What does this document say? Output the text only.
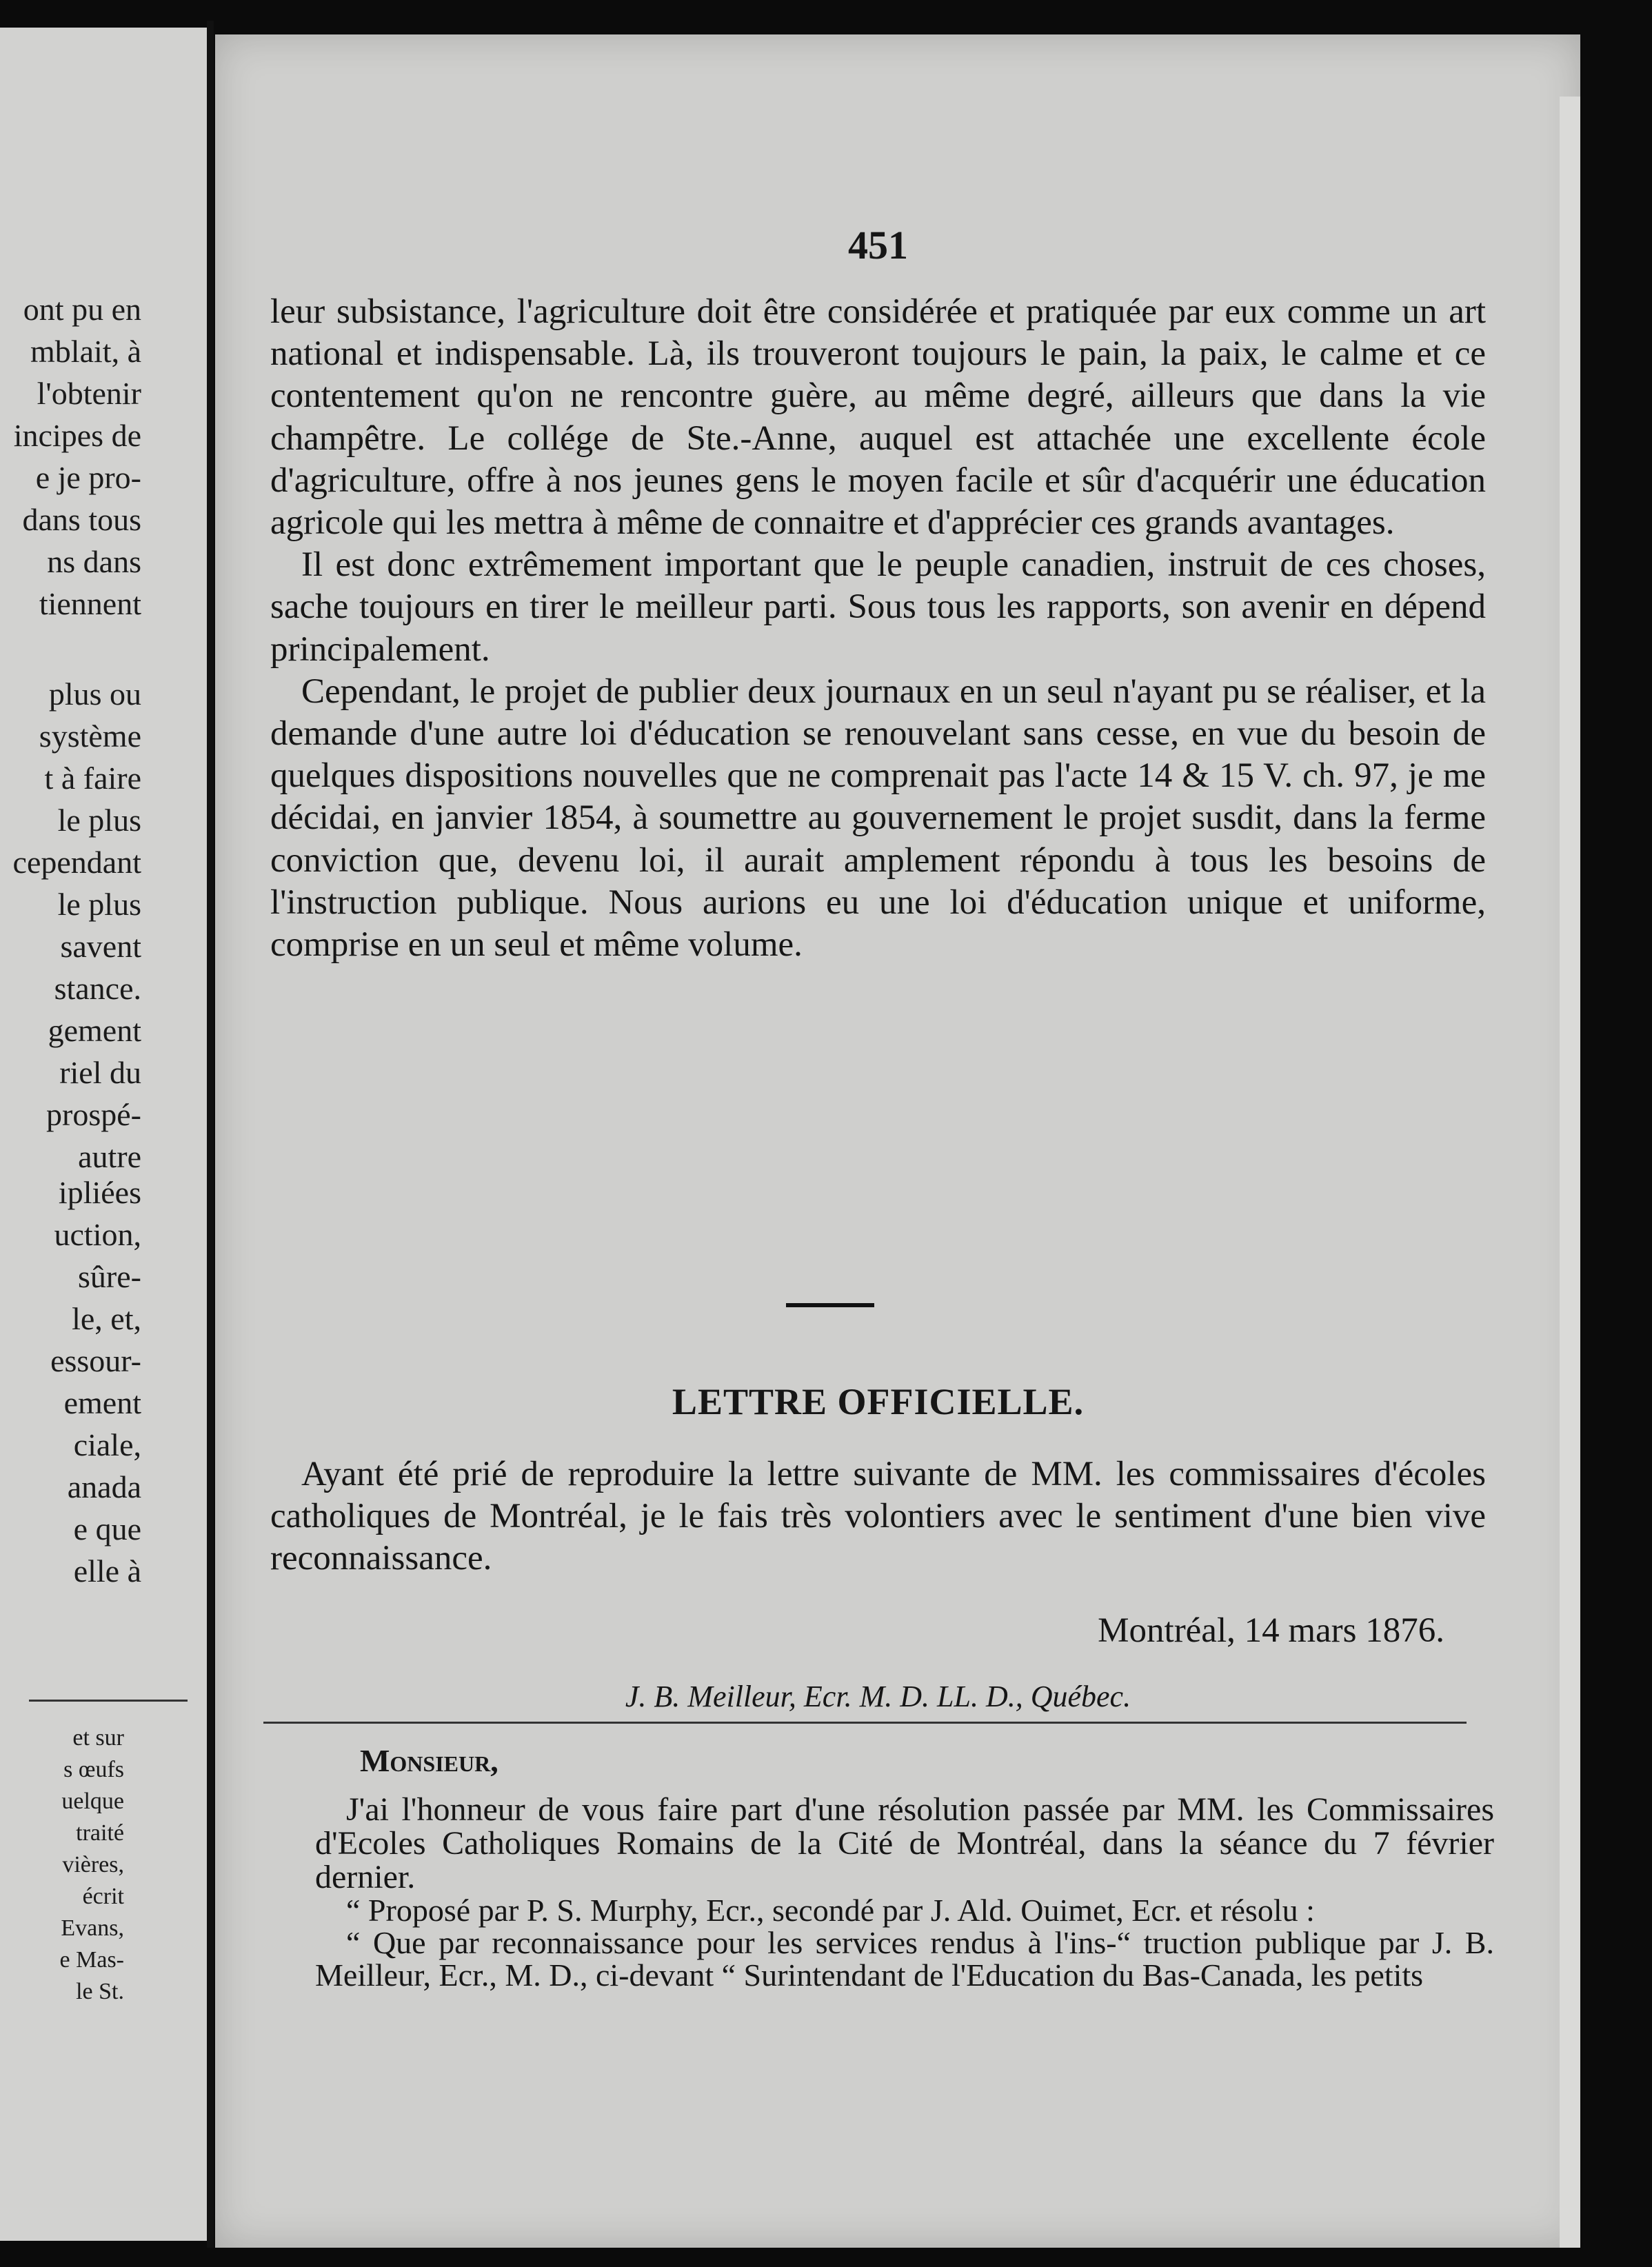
ont pu en
mblait, à
l'obtenir
incipes de
e je pro-
dans tous
ns dans
tiennent
plus ou
système
t à faire
le plus
cependant
le plus
savent
stance.
gement
riel du
prospé-
autre
ipliées
uction,
sûre-
le, et,
essour-
ement
ciale,
anada
e que
elle à
et sur
s œufs
uelque
traité
vières,
écrit
Evans,
e Mas-
le St.
451

leur subsistance, l'agriculture doit être considérée et pratiquée par eux comme un art national et indispensable. Là, ils trouveront toujours le pain, la paix, le calme et ce contentement qu'on ne rencontre guère, au même degré, ailleurs que dans la vie champêtre. Le collége de Ste.-Anne, auquel est attachée une excellente école d'agriculture, offre à nos jeunes gens le moyen facile et sûr d'acquérir une éducation agricole qui les mettra à même de connaitre et d'apprécier ces grands avantages.

Il est donc extrêmement important que le peuple canadien, instruit de ces choses, sache toujours en tirer le meilleur parti. Sous tous les rapports, son avenir en dépend principalement.

Cependant, le projet de publier deux journaux en un seul n'ayant pu se réaliser, et la demande d'une autre loi d'éducation se renouvelant sans cesse, en vue du besoin de quelques dispositions nouvelles que ne comprenait pas l'acte 14 & 15 V. ch. 97, je me décidai, en janvier 1854, à soumettre au gouvernement le projet susdit, dans la ferme conviction que, devenu loi, il aurait amplement répondu à tous les besoins de l'instruction publique. Nous aurions eu une loi d'éducation unique et uniforme, comprise en un seul et même volume.

LETTRE OFFICIELLE.

Ayant été prié de reproduire la lettre suivante de MM. les commissaires d'écoles catholiques de Montréal, je le fais très volontiers avec le sentiment d'une bien vive reconnaissance.

Montréal, 14 mars 1876.
J. B. Meilleur, Ecr. M. D. LL. D., Québec.
Monsieur,

J'ai l'honneur de vous faire part d'une résolution passée par MM. les Commissaires d'Ecoles Catholiques Romains de la Cité de Montréal, dans la séance du 7 février dernier.

“ Proposé par P. S. Murphy, Ecr., secondé par J. Ald. Ouimet, Ecr. et résolu :

“ Que par reconnaissance pour les services rendus à l'ins-“ truction publique par J. B. Meilleur, Ecr., M. D., ci-devant “ Surintendant de l'Education du Bas-Canada, les petits
